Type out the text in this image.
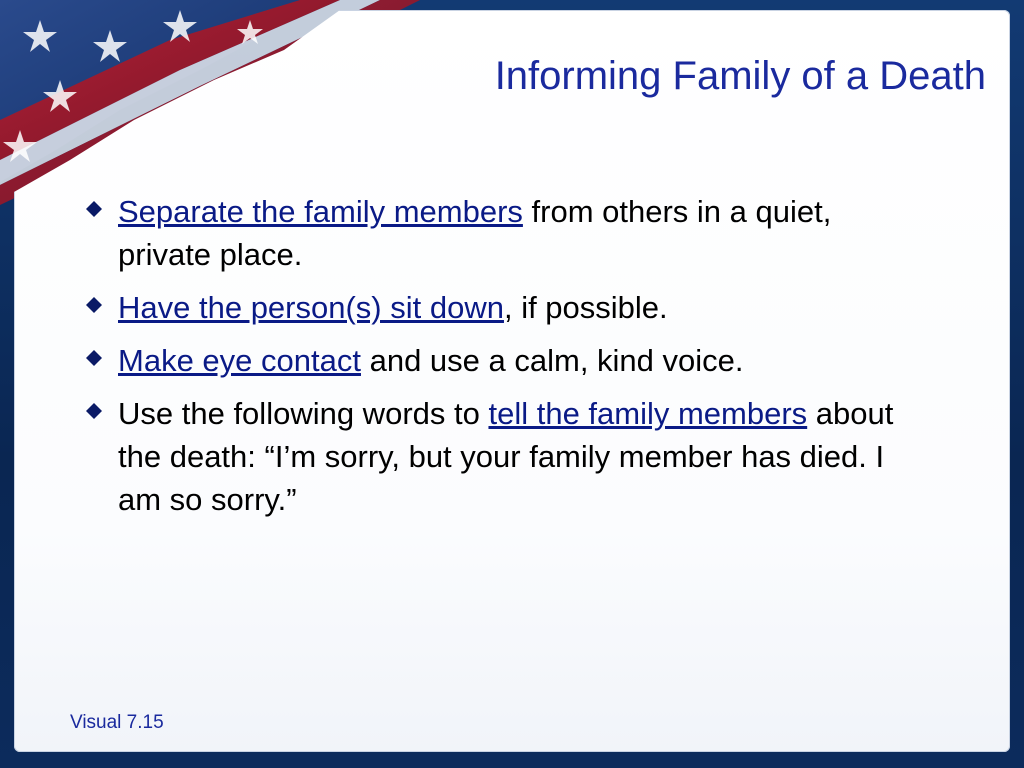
Informing Family of a Death
Separate the family members from others in a quiet, private place.
Have the person(s) sit down, if possible.
Make eye contact and use a calm, kind voice.
Use the following words to tell the family members about the death: “I’m sorry, but your family member has died. I am so sorry.”
Visual 7.15
